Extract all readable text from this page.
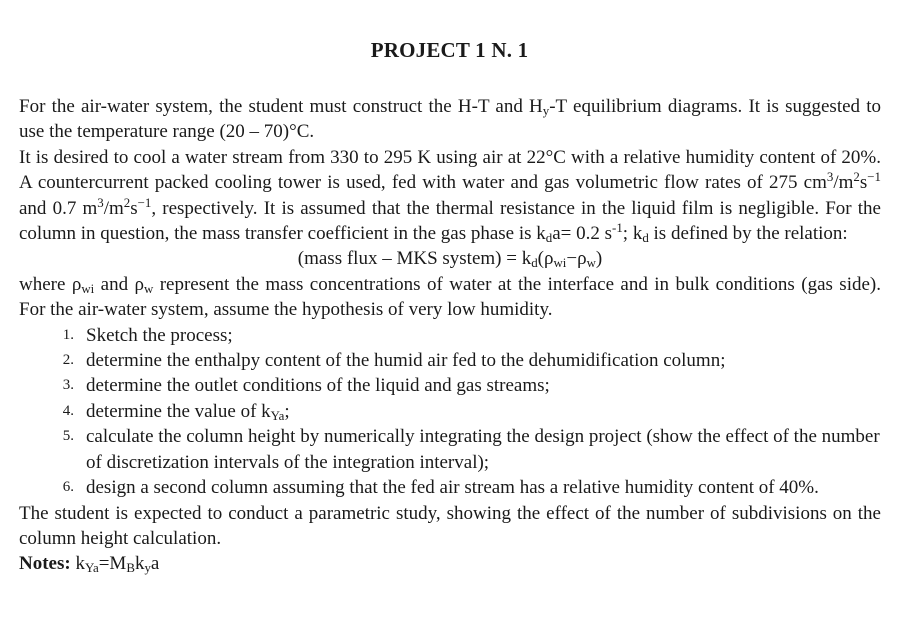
PROJECT 1 N. 1

For the air-water system, the student must construct the H-T and $H_y-T$ equilibrium diagrams. It is suggested to use the temperature range (20 – 70)°C.

It is desired to cool a water stream from 330 to 295 K using air at 22°C with a relative humidity content of 20%. A countercurrent packed cooling tower is used, fed with water and gas volumetric flow rates of 275 $cm^3/m^2s^{-1}$ and 0.7 $m^3/m^2s^{-1}$, respectively. It is assumed that the thermal resistance in the liquid film is negligible. For the column in question, the mass transfer coefficient in the gas phase is $k_da= 0.2$ $s^{-1}$; $k_d$ is defined by the relation:

(mass flux – MKS system) = $k_d(\rho_{wi}-\rho_w)$

where $\rho_{wi}$ and $\rho_w$ represent the mass concentrations of water at the interface and in bulk conditions (gas side). For the air-water system, assume the hypothesis of very low humidity.

1. Sketch the process;
2. determine the enthalpy content of the humid air fed to the dehumidification column;
3. determine the outlet conditions of the liquid and gas streams;
4. determine the value of $k_{Ya}$;
5. calculate the column height by numerically integrating the design project (show the effect of the number of discretization intervals of the integration interval);
6. design a second column assuming that the fed air stream has a relative humidity content of 40%.

The student is expected to conduct a parametric study, showing the effect of the number of subdivisions on the column height calculation.

Notes: $k_{Ya}=M_Bk_ya$
